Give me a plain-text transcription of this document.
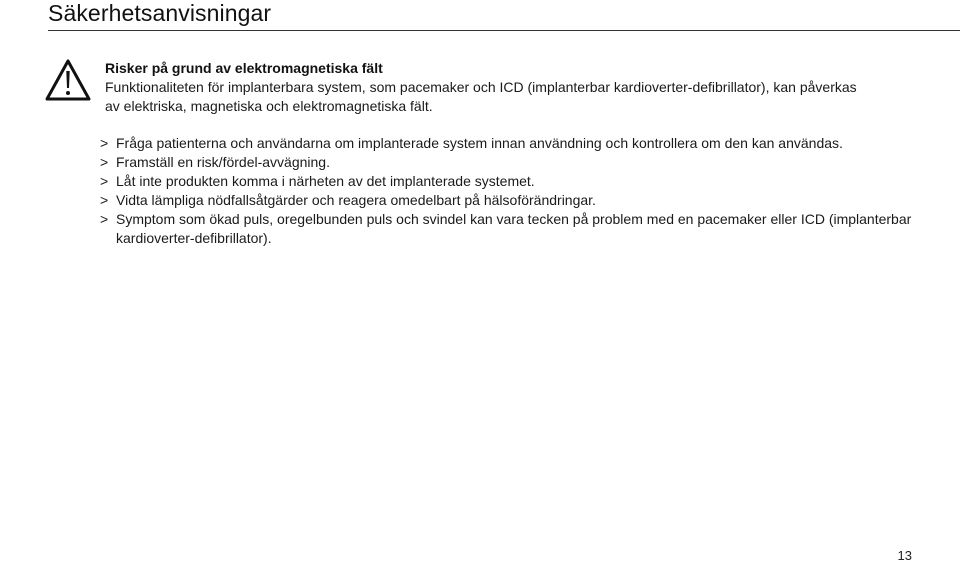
Säkerhetsanvisningar

Risker på grund av elektromagnetiska fält

Funktionaliteten för implanterbara system, som pacemaker och ICD (implanterbar kardioverter-defibrillator), kan påverkas

av elektriska, magnetiska och elektromagnetiska fält.

> Fråga patienterna och användarna om implanterade system innan användning och kontrollera om den kan användas.
> Framställ en risk/fördel-avvägning.
> Låt inte produkten komma i närheten av det implanterade systemet.
> Vidta lämpliga nödfallsåtgärder och reagera omedelbart på hälsoförändringar.
> Symptom som ökad puls, oregelbunden puls och svindel kan vara tecken på problem med en pacemaker eller ICD (implanterbar kardioverter-defibrillator).
13
